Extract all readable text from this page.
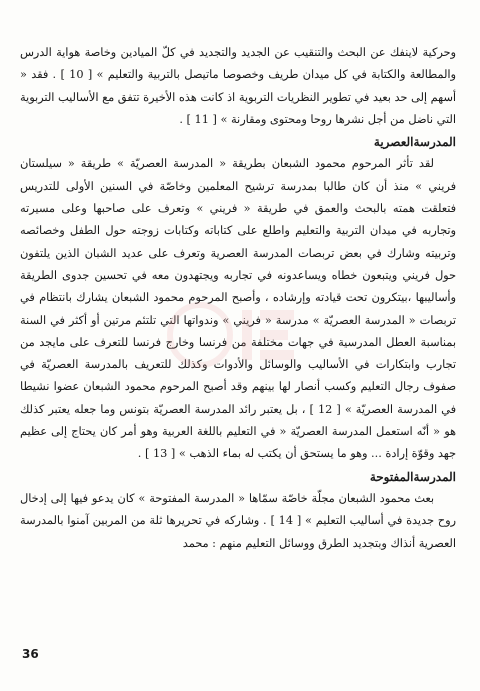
وحركية لاينفك عن البحث والتنقيب عن الجديد والتجديد في كلّ الميادين وخاصة هواية الدرس والمطالعة والكتابة في كل ميدان طريف وخصوصا ماتيصل بالتربية والتعليم » [ 10 ] . فقد « أسهم إلى حد بعيد في تطوير النظريات التربوية اذ كانت هذه الأخيرة تتفق مع الأساليب التربوية التي ناضل من أجل نشرها روحا ومحتوى ومقارنة » [ 11 ] .

المدرسةالعصرية

لقد تأثر المرحوم محمود الشبعان بطريقة « المدرسة العصريّة » طريقة « سيلستان فريني » منذ أن كان طالبا بمدرسة ترشيح المعلمين وخاصّة في السنين الأولى للتدريس فتعلقت همته بالبحث والعمق في طريقة « فريني » وتعرف على صاحبها وعلى مسيرته وتجاربه في ميدان التربية والتعليم واطلع على كتاباته وكتابات زوجته حول الطفل وخصائصه وتربيته وشارك في بعض تربصات المدرسة العصرية وتعرف على عديد الشبان الذين يلتفون حول فريني ويتبعون خطاه ويساعدونه في تجاربه ويجتهدون معه في تحسين جدوى الطريقة وأساليبها ،بيتكرون تحت قيادته وإرشاده ، وأصبح المرحوم محمود الشبعان يشارك بانتظام في تربصات « المدرسة العصريّة » مدرسة « فريني » وندواتها التي تلتئم مرتين أو أكثر في السنة بمناسبة العطل المدرسية في جهات مختلفة من فرنسا وخارج فرنسا للتعرف على مايجد من تجارب وابتكارات في الأساليب والوسائل والأدوات وكذلك للتعريف بالمدرسة العصريّة في صفوف رجال التعليم وكسب أنصار لها بينهم وقد أصبح المرحوم محمود الشبعان عضوا نشيطا في المدرسة العصريّة » [ 12 ] ، بل يعتبر رائد المدرسة العصريّة بتونس وما جعله يعتبر كذلك هو « أنّه استعمل المدرسة العصريّة « في التعليم باللغة العربية وهو أمر كان يحتاج إلى عظيم جهد وقوّة إرادة ... وهو ما يستحق أن يكتب له بماء الذهب » [ 13 ] .

المدرسةالمفتوحة

بعث محمود الشبعان مجلّة خاصّة سمّاها « المدرسة المفتوحة » كان يدعو فيها إلى إدخال روح جديدة في أساليب التعليم » [ 14 ] . وشاركه في تحريرها ثلة من المربين آمنوا بالمدرسة العصرية أنذاك وبتجديد الطرق ووسائل التعليم منهم : محمد

36
